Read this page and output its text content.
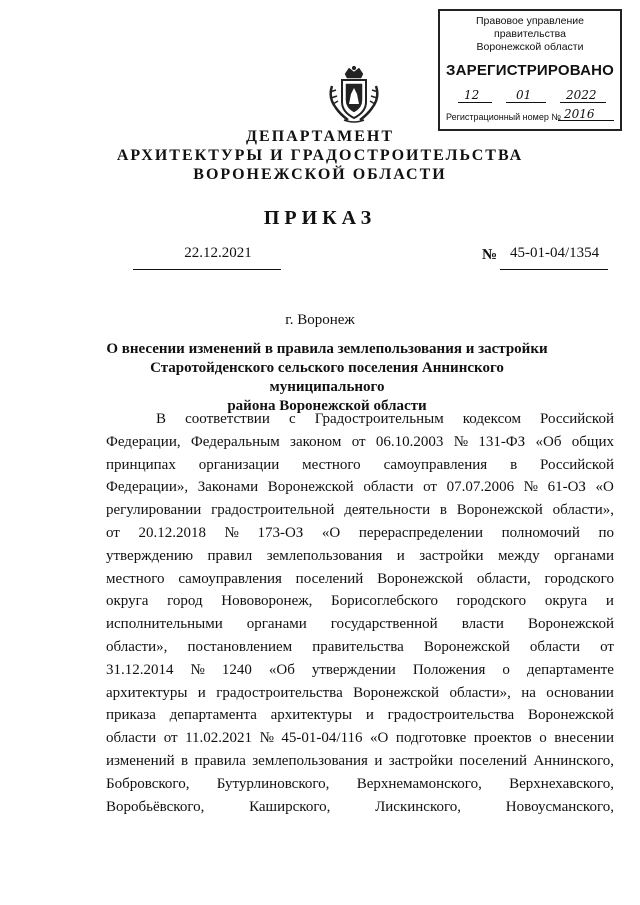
Правовое управление правительства
Воронежской области
ЗАРЕГИСТРИРОВАНО
12	01	2022
Регистрационный номер № 2016
ДЕПАРТАМЕНТ
АРХИТЕКТУРЫ И ГРАДОСТРОИТЕЛЬСТВА
ВОРОНЕЖСКОЙ ОБЛАСТИ
ПРИКАЗ
22.12.2021	№ 45-01-04/1354
г. Воронеж
О внесении изменений в правила землепользования и застройки
Старотойденского сельского поселения Аннинского муниципального
района Воронежской области
В соответствии с Градостроительным кодексом Российской
Федерации, Федеральным законом от 06.10.2003 № 131-ФЗ «Об общих
принципах организации местного самоуправления в Российской
Федерации», Законами Воронежской области от 07.07.2006 № 61-ОЗ «О
регулировании градостроительной деятельности в Воронежской области»,
от 20.12.2018 № 173-ОЗ «О перераспределении полномочий по
утверждению правил землепользования и застройки между органами
местного самоуправления поселений Воронежской области, городского
округа город Нововоронеж, Борисоглебского городского округа и
исполнительными органами государственной власти Воронежской
области», постановлением правительства Воронежской области от
31.12.2014 № 1240 «Об утверждении Положения о департаменте
архитектуры и градостроительства Воронежской области», на основании
приказа департамента архитектуры и градостроительства Воронежской
области от 11.02.2021 № 45-01-04/116 «О подготовке проектов о внесении
изменений в правила землепользования и застройки поселений Аннинского,
Бобровского, Бутурлиновского, Верхнемамонского, Верхнехавского,
Воробьёвского,	Каширского,	Лискинского,	Новоусманского,
